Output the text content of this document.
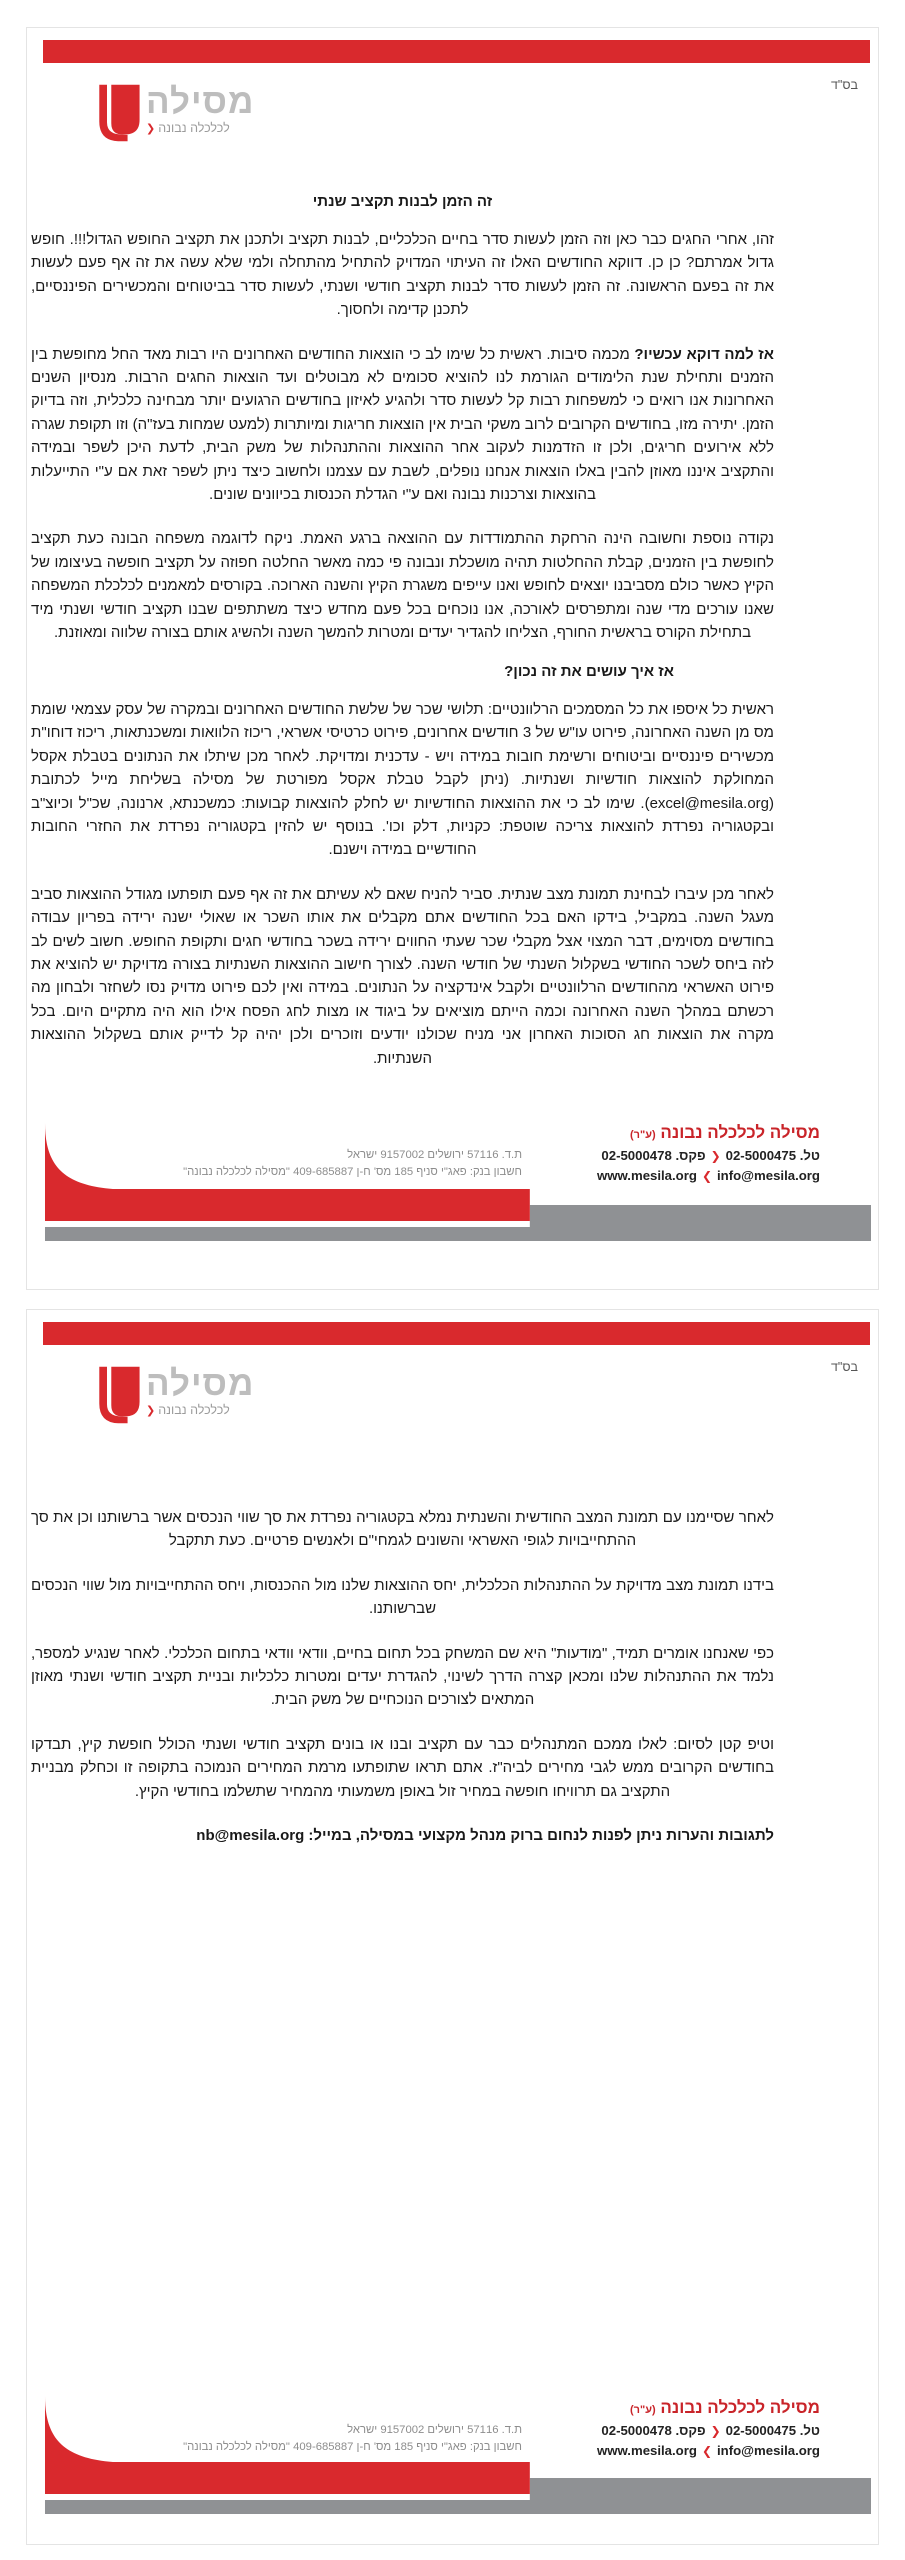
בס"ד
מסילה
לכלכלה נבונה
❮
זה הזמן לבנות תקציב שנתי

זהו, אחרי החגים כבר כאן וזה הזמן לעשות סדר בחיים הכלכליים, לבנות תקציב ולתכנן את תקציב החופש הגדול!!!. חופש גדול אמרתם? כן כן. דווקא החודשים האלו זה העיתוי המדויק להתחיל מהתחלה ולמי שלא עשה את זה אף פעם לעשות את זה בפעם הראשונה. זה הזמן לעשות סדר לבנות תקציב חודשי ושנתי, לעשות סדר בביטוחים והמכשירים הפיננסיים, לתכנן קדימה ולחסוך.

אז למה דוקא עכשיו? מכמה סיבות. ראשית כל שימו לב כי הוצאות החודשים האחרונים היו רבות מאד החל מחופשת בין הזמנים ותחילת שנת הלימודים הגורמת לנו להוציא סכומים לא מבוטלים ועד הוצאות החגים הרבות. מנסיון השנים האחרונות אנו רואים כי למשפחות רבות קל לעשות סדר ולהגיע לאיזון בחודשים הרגועים יותר מבחינה כלכלית, וזה בדיוק הזמן. יתירה מזו, בחודשים הקרובים לרוב משקי הבית אין הוצאות חריגות ומיותרות (למעט שמחות בעז"ה) וזו תקופת שגרה ללא אירועים חריגים, ולכן זו הזדמנות לעקוב אחר ההוצאות וההתנהלות של משק הבית, לדעת היכן לשפר ובמידה והתקציב איננו מאוזן להבין באלו הוצאות אנחנו נופלים, לשבת עם עצמנו ולחשוב כיצד ניתן לשפר זאת אם ע"י התייעלות בהוצאות וצרכנות נבונה ואם ע"י הגדלת הכנסות בכיוונים שונים.

נקודה נוספת וחשובה הינה הרחקת ההתמודדות עם ההוצאה ברגע האמת. ניקח לדוגמה משפחה הבונה כעת תקציב לחופשת בין הזמנים, קבלת ההחלטות תהיה מושכלת ונבונה פי כמה מאשר החלטה חפוזה על תקציב חופשה בעיצומו של הקיץ כאשר כולם מסביבנו יוצאים לחופש ואנו עייפים משגרת הקיץ והשנה הארוכה. בקורסים למאמנים לכלכלת המשפחה שאנו עורכים מדי שנה ומתפרסים לאורכה, אנו נוכחים בכל פעם מחדש כיצד משתתפים שבנו תקציב חודשי ושנתי מיד בתחילת הקורס בראשית החורף, הצליחו להגדיר יעדים ומטרות להמשך השנה ולהשיג אותם בצורה שלווה ומאוזנת.

אז איך עושים את זה נכון?

ראשית כל איספו את כל המסמכים הרלוונטיים: תלושי שכר של שלשת החודשים האחרונים ובמקרה של עסק עצמאי שומת מס מן השנה האחרונה, פירוט עו"ש של 3 חודשים אחרונים, פירוט כרטיסי אשראי, ריכוז הלוואות ומשכנתאות, ריכוז דוחו"ת מכשירים פיננסיים וביטוחים ורשימת חובות במידה ויש - עדכנית ומדויקת. לאחר מכן שיתלו את הנתונים בטבלת אקסל המחולקת להוצאות חודשיות ושנתיות. (ניתן לקבל טבלת אקסל מפורטת של מסילה בשליחת מייל לכתובת (excel@mesila.org). שימו לב כי את ההוצאות החודשיות יש לחלק להוצאות קבועות: כמשכנתא, ארנונה, שכ"ל וכיוצ"ב ובקטגוריה נפרדת להוצאות צריכה שוטפת: כקניות, דלק וכו'. בנוסף יש להזין בקטגוריה נפרדת את החזרי החובות החודשיים במידה וישנם.

לאחר מכן עיברו לבחינת תמונת מצב שנתית. סביר להניח שאם לא עשיתם את זה אף פעם תופתעו מגודל ההוצאות סביב מעגל השנה. במקביל, בידקו האם בכל החודשים אתם מקבלים את אותו השכר או שאולי ישנה ירידה בפריון עבודה בחודשים מסוימים, דבר המצוי אצל מקבלי שכר שעתי החווים ירידה בשכר בחודשי חגים ותקופת החופש. חשוב לשים לב לזה ביחס לשכר החודשי בשקלול השנתי של חודשי השנה. לצורך חישוב ההוצאות השנתיות בצורה מדויקת יש להוציא את פירוט האשראי מהחודשים הרלוונטיים ולקבל אינדקציה על הנתונים. במידה ואין לכם פירוט מדויק נסו לשחזר ולבחון מה רכשתם במהלך השנה האחרונה וכמה הייתם מוציאים על ביגוד או מצות לחג הפסח אילו הוא היה מתקיים היום. בכל מקרה את הוצאות חג הסוכות האחרון אני מניח שכולנו יודעים וזוכרים ולכן יהיה קל לדייק אותם בשקלול ההוצאות השנתיות.

מסילה לכלכלה נבונה (ע"ר)
טל. 02-5000475❮פקס. 02-5000478
www.mesila.org ❮ info@mesila.org
ת.ד. 57116 ירושלים 9157002 ישראל
חשבון בנק: פאג"י סניף 185 מס' ח-ן 409-685887 "מסילה לכלכלה נבונה"
בס"ד
מסילה
לכלכלה נבונה
❮

לאחר שסיימנו עם תמונת המצב החודשית והשנתית נמלא בקטגוריה נפרדת את סך שווי הנכסים אשר ברשותנו וכן את סך ההתחייבויות לגופי האשראי והשונים לגמחי"ם ולאנשים פרטיים. כעת תתקבל

בידנו תמונת מצב מדויקת על ההתנהלות הכלכלית, יחס ההוצאות שלנו מול ההכנסות, ויחס ההתחייבויות מול שווי הנכסים שברשותנו.

כפי שאנחנו אומרים תמיד, "מודעות" היא שם המשחק בכל תחום בחיים, וודאי וודאי בתחום הכלכלי. לאחר שנגיע למספר, נלמד את ההתנהלות שלנו ומכאן קצרה הדרך לשינוי, להגדרת יעדים ומטרות כלכליות ובניית תקציב חודשי ושנתי מאוזן המתאים לצורכים הנוכחיים של משק הבית.

וטיפ קטן לסיום: לאלו ממכם המתנהלים כבר עם תקציב ובנו או בונים תקציב חודשי ושנתי הכולל חופשת קיץ, תבדקו בחודשים הקרובים ממש לגבי מחירים לביה"ז. אתם תראו שתופתעו מרמת המחירים הנמוכה בתקופה זו וכחלק מבניית התקציב גם תרוויחו חופשה במחיר זול באופן משמעותי מהמחיר שתשלמו בחודשי הקיץ.

לתגובות והערות ניתן לפנות לנחום ברוק מנהל מקצועי במסילה, במייל: nb@mesila.org

מסילה לכלכלה נבונה (ע"ר)
טל. 02-5000475❮פקס. 02-5000478
www.mesila.org ❮ info@mesila.org
ת.ד. 57116 ירושלים 9157002 ישראל
חשבון בנק: פאג"י סניף 185 מס' ח-ן 409-685887 "מסילה לכלכלה נבונה"
